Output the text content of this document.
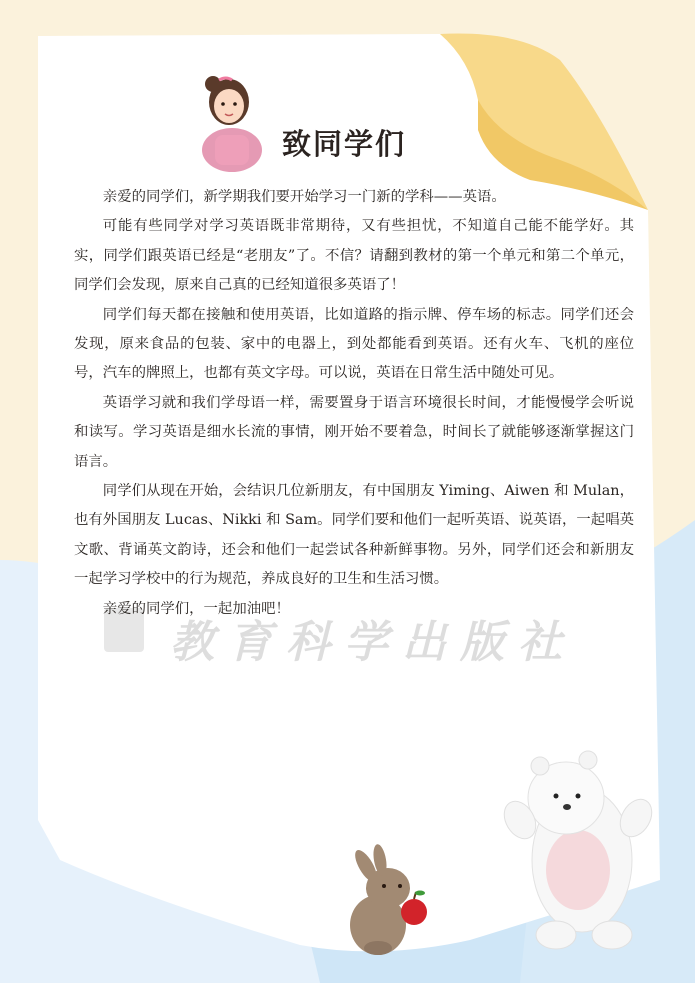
致同学们

亲爱的同学们，新学期我们要开始学习一门新的学科——英语。

可能有些同学对学习英语既非常期待，又有些担忧，不知道自己能不能学好。其实，同学们跟英语已经是“老朋友”了。不信？请翻到教材的第一个单元和第二个单元，同学们会发现，原来自己真的已经知道很多英语了！

同学们每天都在接触和使用英语，比如道路的指示牌、停车场的标志。同学们还会发现，原来食品的包装、家中的电器上，到处都能看到英语。还有火车、飞机的座位号，汽车的牌照上，也都有英文字母。可以说，英语在日常生活中随处可见。

英语学习就和我们学母语一样，需要置身于语言环境很长时间，才能慢慢学会听说和读写。学习英语是细水长流的事情，刚开始不要着急，时间长了就能够逐渐掌握这门语言。

同学们从现在开始，会结识几位新朋友，有中国朋友 Yiming、Aiwen 和 Mulan，也有外国朋友 Lucas、Nikki 和 Sam。同学们要和他们一起听英语、说英语，一起唱英文歌、背诵英文韵诗，还会和他们一起尝试各种新鲜事物。另外，同学们还会和新朋友一起学习学校中的行为规范，养成良好的卫生和生活习惯。

亲爱的同学们，一起加油吧！

教育科学出版社
